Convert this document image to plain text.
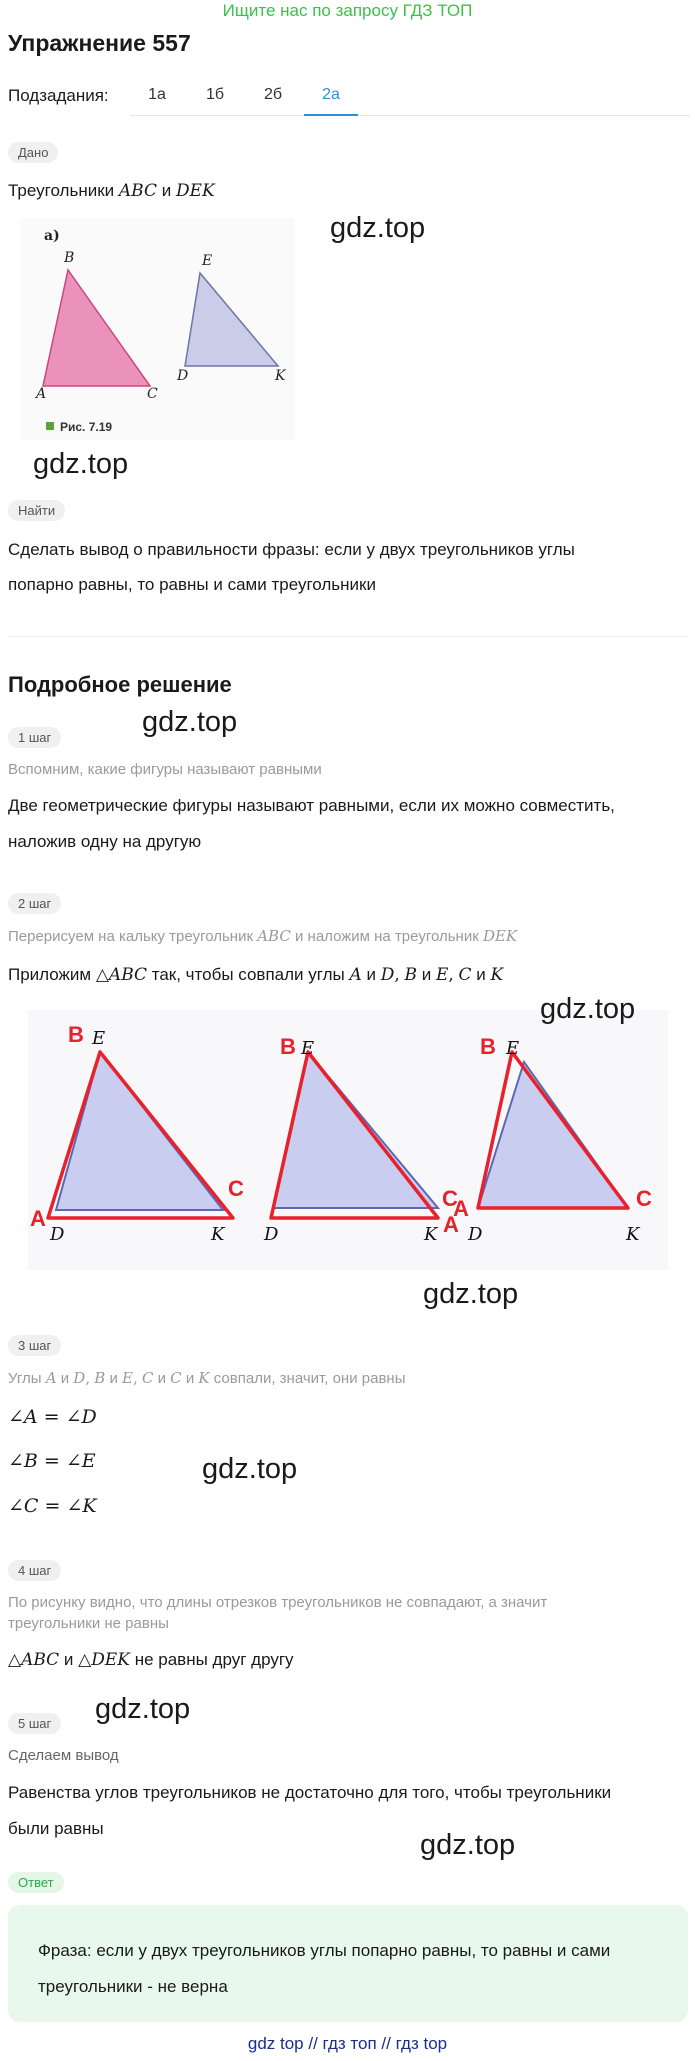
Ищите нас по запросу ГДЗ ТОП
Упражнение 557
Подзадания:	1а	1б	2б	2а
Дано
Треугольники ABC и DEK
а)
B
A	C
E
D	K
Рис. 7.19
gdz.top
gdz.top
Найти
Сделать вывод о правильности фразы: если у двух треугольников углы
попарно равны, то равны и сами треугольники
Подробное решение
gdz.top
1 шаг
Вспомним, какие фигуры называют равными
Две геометрические фигуры называют равными, если их можно совместить,
наложив одну на другую
2 шаг
Перерисуем на кальку треугольник ABC и наложим на треугольник DEK
Приложим △ABC так, чтобы совпали углы A и D, B и E, C и K
B
A
C
E
D	K
B
A
C
E
D	K
B
A	C
E
D	K
gdz.top
gdz.top
3 шаг
Углы A и D, B и E, C и C и K совпали, значит, они равны
∠A = ∠D
∠B = ∠E
∠C = ∠K
gdz.top
4 шаг
По рисунку видно, что длины отрезков треугольников не совпадают, а значит
треугольники не равны
△ABC и △DEK не равны друг другу
5 шаг	gdz.top
Сделаем вывод
Равенства углов треугольников не достаточно для того, чтобы треугольники
были равны
gdz.top
Ответ
Фраза: если у двух треугольников углы попарно равны, то равны и сами
треугольники - не верна
gdz top // гдз топ // гдз top
